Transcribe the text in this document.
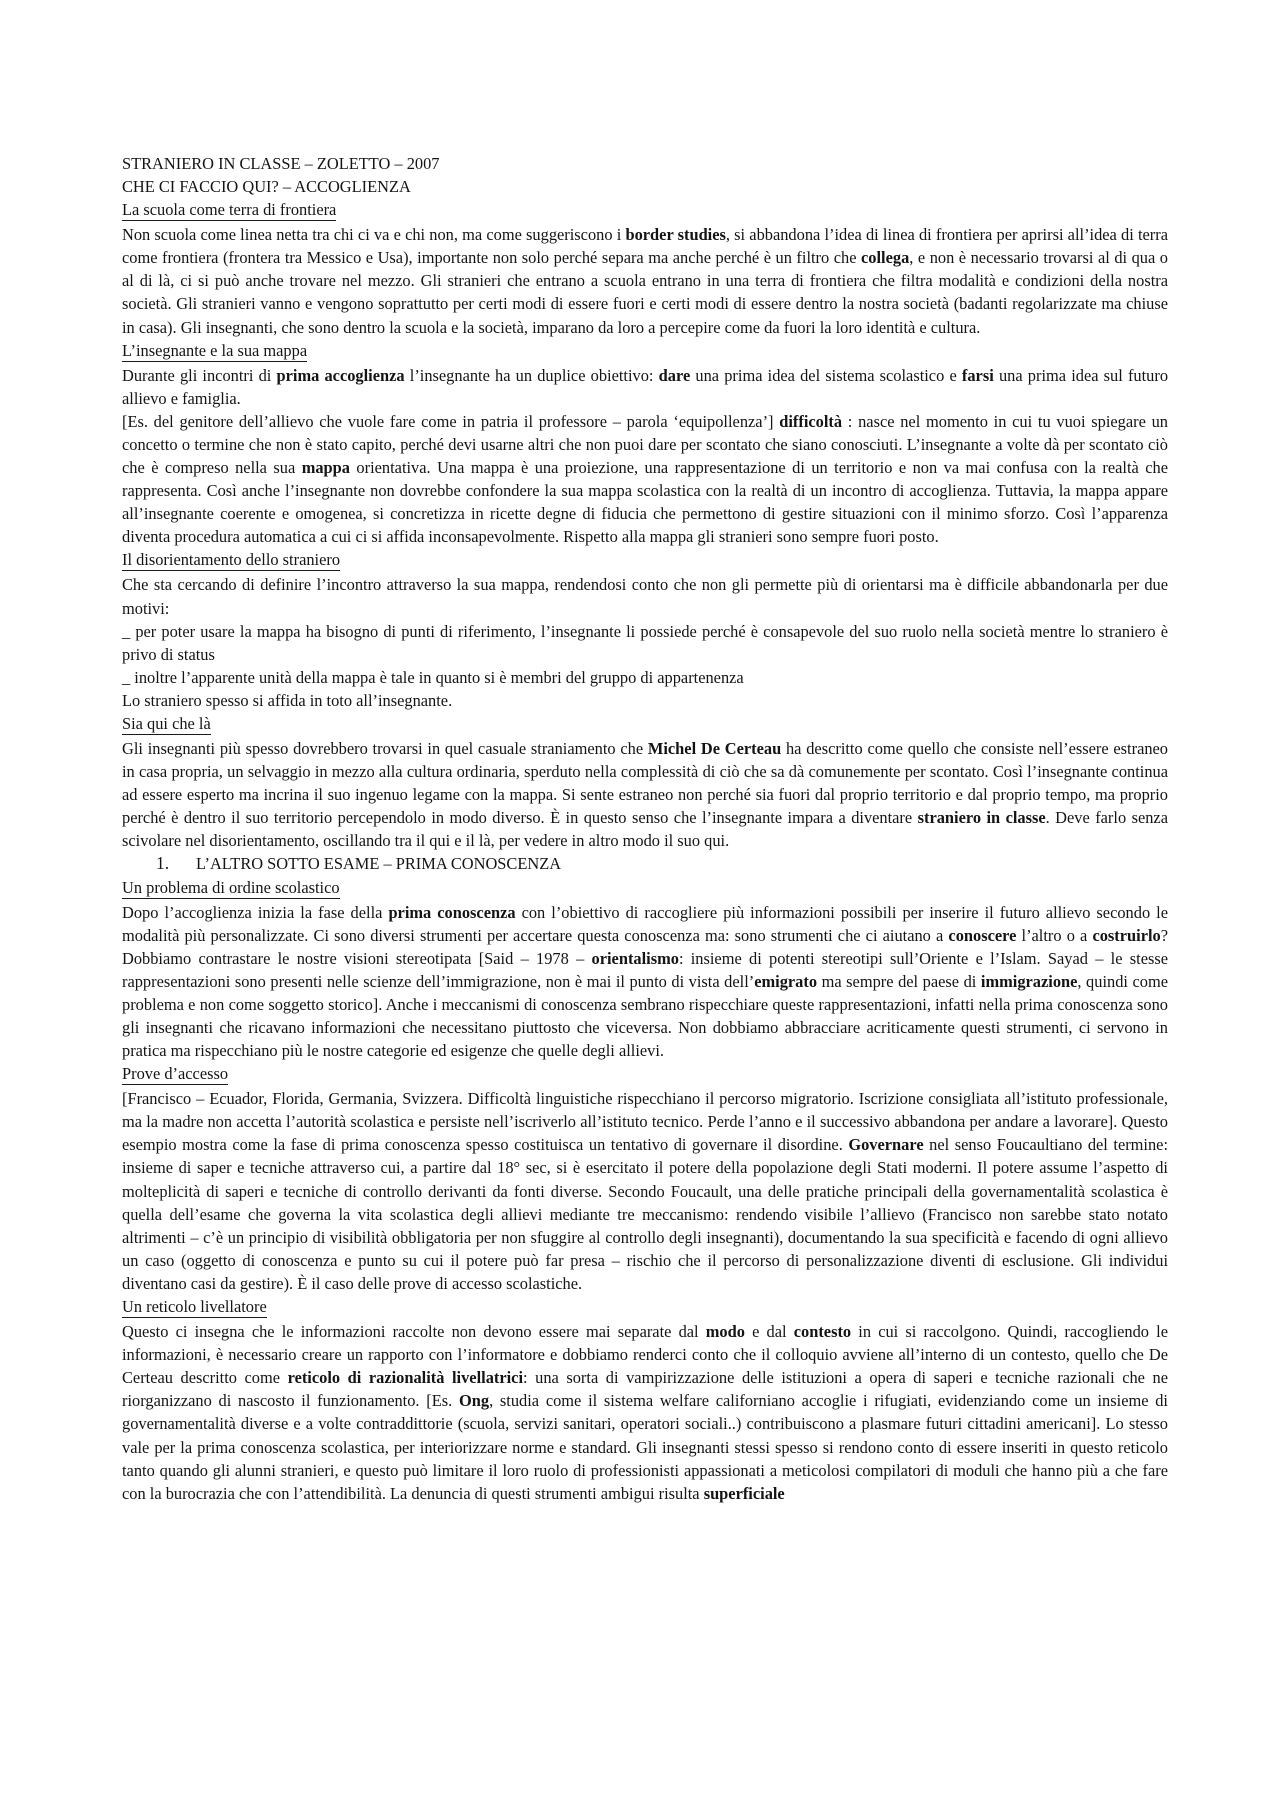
STRANIERO IN CLASSE – ZOLETTO – 2007
CHE CI FACCIO QUI? – ACCOGLIENZA
La scuola come terra di frontiera

Non scuola come linea netta tra chi ci va e chi non, ma come suggeriscono i border studies, si abbandona l’idea di linea di frontiera per aprirsi all’idea di terra come frontiera (frontera tra Messico e Usa), importante non solo perché separa ma anche perché è un filtro che collega, e non è necessario trovarsi al di qua o al di là, ci si può anche trovare nel mezzo. Gli stranieri che entrano a scuola entrano in una terra di frontiera che filtra modalità e condizioni della nostra società. Gli stranieri vanno e vengono soprattutto per certi modi di essere fuori e certi modi di essere dentro la nostra società (badanti regolarizzate ma chiuse in casa). Gli insegnanti, che sono dentro la scuola e la società, imparano da loro a percepire come da fuori la loro identità e cultura.

L’insegnante e la sua mappa

Durante gli incontri di prima accoglienza l’insegnante ha un duplice obiettivo: dare una prima idea del sistema scolastico e farsi una prima idea sul futuro allievo e famiglia.

[Es. del genitore dell’allievo che vuole fare come in patria il professore – parola ‘equipollenza’] difficoltà : nasce nel momento in cui tu vuoi spiegare un concetto o termine che non è stato capito, perché devi usarne altri che non puoi dare per scontato che siano conosciuti. L’insegnante a volte dà per scontato ciò che è compreso nella sua mappa orientativa. Una mappa è una proiezione, una rappresentazione di un territorio e non va mai confusa con la realtà che rappresenta. Così anche l’insegnante non dovrebbe confondere la sua mappa scolastica con la realtà di un incontro di accoglienza. Tuttavia, la mappa appare all’insegnante coerente e omogenea, si concretizza in ricette degne di fiducia che permettono di gestire situazioni con il minimo sforzo. Così l’apparenza diventa procedura automatica a cui ci si affida inconsapevolmente. Rispetto alla mappa gli stranieri sono sempre fuori posto.

Il disorientamento dello straniero

Che sta cercando di definire l’incontro attraverso la sua mappa, rendendosi conto che non gli permette più di orientarsi ma è difficile abbandonarla per due motivi:

_ per poter usare la mappa ha bisogno di punti di riferimento, l’insegnante li possiede perché è consapevole del suo ruolo nella società mentre lo straniero è privo di status

_ inoltre l’apparente unità della mappa è tale in quanto si è membri del gruppo di appartenenza

Lo straniero spesso si affida in toto all’insegnante.

Sia qui che là

Gli insegnanti più spesso dovrebbero trovarsi in quel casuale straniamento che Michel De Certeau ha descritto come quello che consiste nell’essere estraneo in casa propria, un selvaggio in mezzo alla cultura ordinaria, sperduto nella complessità di ciò che sa dà comunemente per scontato. Così l’insegnante continua ad essere esperto ma incrina il suo ingenuo legame con la mappa. Si sente estraneo non perché sia fuori dal proprio territorio e dal proprio tempo, ma proprio perché è dentro il suo territorio percependolo in modo diverso. È in questo senso che l’insegnante impara a diventare straniero in classe. Deve farlo senza scivolare nel disorientamento, oscillando tra il qui e il là, per vedere in altro modo il suo qui.

1. L’ALTRO SOTTO ESAME – PRIMA CONOSCENZA
Un problema di ordine scolastico

Dopo l’accoglienza inizia la fase della prima conoscenza con l’obiettivo di raccogliere più informazioni possibili per inserire il futuro allievo secondo le modalità più personalizzate. Ci sono diversi strumenti per accertare questa conoscenza ma: sono strumenti che ci aiutano a conoscere l’altro o a costruirlo? Dobbiamo contrastare le nostre visioni stereotipata [Said – 1978 – orientalismo: insieme di potenti stereotipi sull’Oriente e l’Islam. Sayad – le stesse rappresentazioni sono presenti nelle scienze dell’immigrazione, non è mai il punto di vista dell’emigrato ma sempre del paese di immigrazione, quindi come problema e non come soggetto storico]. Anche i meccanismi di conoscenza sembrano rispecchiare queste rappresentazioni, infatti nella prima conoscenza sono gli insegnanti che ricavano informazioni che necessitano piuttosto che viceversa. Non dobbiamo abbracciare acriticamente questi strumenti, ci servono in pratica ma rispecchiano più le nostre categorie ed esigenze che quelle degli allievi.

Prove d’accesso

[Francisco – Ecuador, Florida, Germania, Svizzera. Difficoltà linguistiche rispecchiano il percorso migratorio. Iscrizione consigliata all’istituto professionale, ma la madre non accetta l’autorità scolastica e persiste nell’iscriverlo all’istituto tecnico. Perde l’anno e il successivo abbandona per andare a lavorare]. Questo esempio mostra come la fase di prima conoscenza spesso costituisca un tentativo di governare il disordine. Governare nel senso Foucaultiano del termine: insieme di saper e tecniche attraverso cui, a partire dal 18° sec, si è esercitato il potere della popolazione degli Stati moderni. Il potere assume l’aspetto di molteplicità di saperi e tecniche di controllo derivanti da fonti diverse. Secondo Foucault, una delle pratiche principali della governamentalità scolastica è quella dell’esame che governa la vita scolastica degli allievi mediante tre meccanismo: rendendo visibile l’allievo (Francisco non sarebbe stato notato altrimenti – c’è un principio di visibilità obbligatoria per non sfuggire al controllo degli insegnanti), documentando la sua specificità e facendo di ogni allievo un caso (oggetto di conoscenza e punto su cui il potere può far presa – rischio che il percorso di personalizzazione diventi di esclusione. Gli individui diventano casi da gestire). È il caso delle prove di accesso scolastiche.

Un reticolo livellatore

Questo ci insegna che le informazioni raccolte non devono essere mai separate dal modo e dal contesto in cui si raccolgono. Quindi, raccogliendo le informazioni, è necessario creare un rapporto con l’informatore e dobbiamo renderci conto che il colloquio avviene all’interno di un contesto, quello che De Certeau descritto come reticolo di razionalità livellatrici: una sorta di vampirizzazione delle istituzioni a opera di saperi e tecniche razionali che ne riorganizzano di nascosto il funzionamento. [Es. Ong, studia come il sistema welfare californiano accoglie i rifugiati, evidenziando come un insieme di governamentalità diverse e a volte contraddittorie (scuola, servizi sanitari, operatori sociali..) contribuiscono a plasmare futuri cittadini americani]. Lo stesso vale per la prima conoscenza scolastica, per interiorizzare norme e standard. Gli insegnanti stessi spesso si rendono conto di essere inseriti in questo reticolo tanto quando gli alunni stranieri, e questo può limitare il loro ruolo di professionisti appassionati a meticolosi compilatori di moduli che hanno più a che fare con la burocrazia che con l’attendibilità. La denuncia di questi strumenti ambigui risulta superficiale
